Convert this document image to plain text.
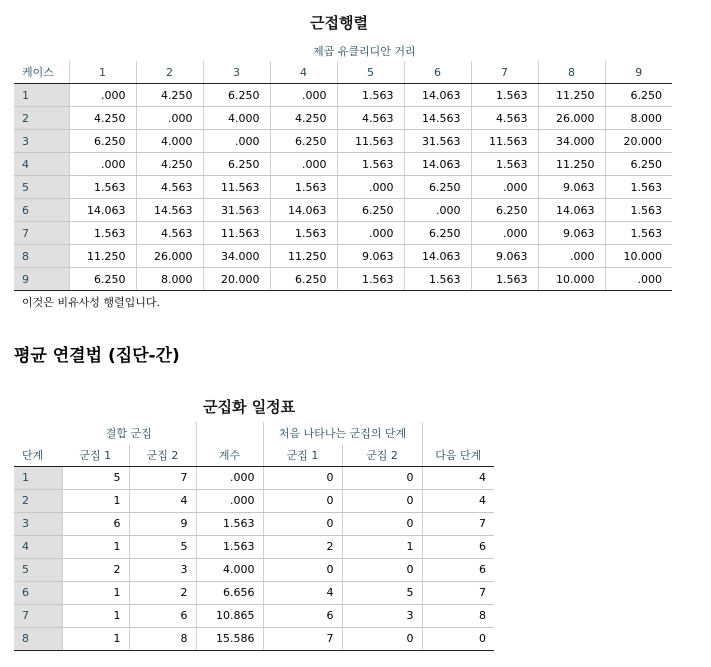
근접행렬
제곱 유클리디안 거리
케이스	1	2	3	4	5	6	7	8	9
1	.000	4.250	6.250	.000	1.563	14.063	1.563	11.250	6.250
2	4.250	.000	4.000	4.250	4.563	14.563	4.563	26.000	8.000
3	6.250	4.000	.000	6.250	11.563	31.563	11.563	34.000	20.000
4	.000	4.250	6.250	.000	1.563	14.063	1.563	11.250	6.250
5	1.563	4.563	11.563	1.563	.000	6.250	.000	9.063	1.563
6	14.063	14.563	31.563	14.063	6.250	.000	6.250	14.063	1.563
7	1.563	4.563	11.563	1.563	.000	6.250	.000	9.063	1.563
8	11.250	26.000	34.000	11.250	9.063	14.063	9.063	.000	10.000
9	6.250	8.000	20.000	6.250	1.563	1.563	1.563	10.000	.000
이것은 비유사성 행렬입니다.
평균 연결법 (집단-간)
군집화 일정표
	결합 군집			처음 나타나는 군집의 단계		
단계	군집 1	군집 2	계수	군집 1	군집 2	다음 단계
1	5	7	.000	0	0	4
2	1	4	.000	0	0	4
3	6	9	1.563	0	0	7
4	1	5	1.563	2	1	6
5	2	3	4.000	0	0	6
6	1	2	6.656	4	5	7
7	1	6	10.865	6	3	8
8	1	8	15.586	7	0	0
